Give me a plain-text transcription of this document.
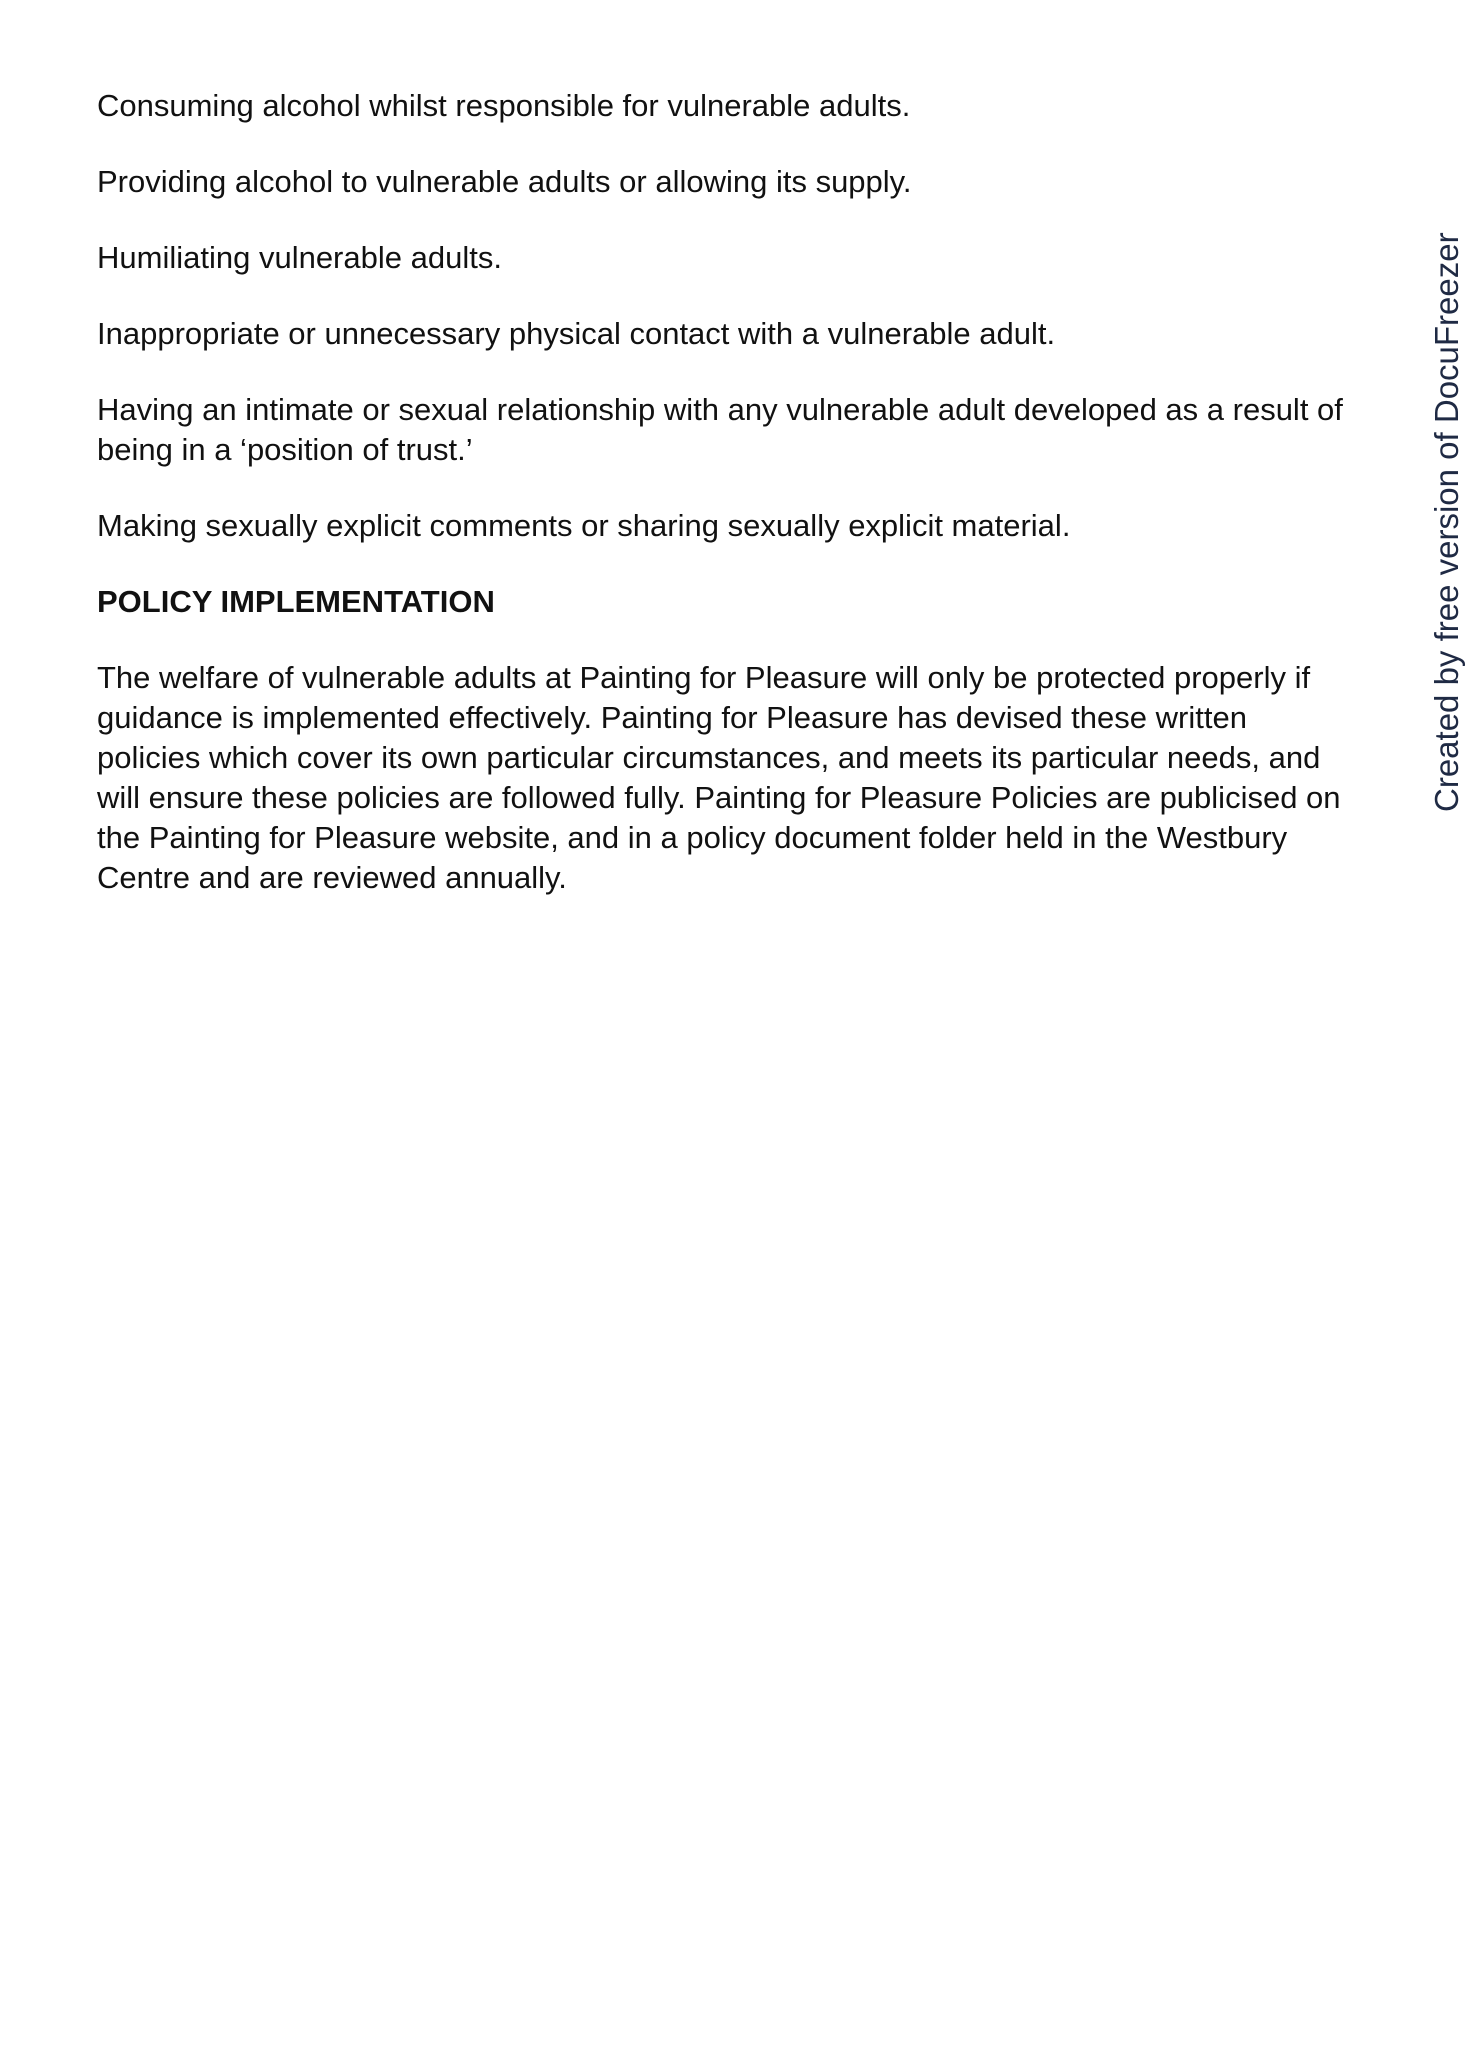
Consuming alcohol whilst responsible for vulnerable adults.

Providing alcohol to vulnerable adults or allowing its supply.

Humiliating vulnerable adults.

Inappropriate or unnecessary physical contact with a vulnerable adult.

Having an intimate or sexual relationship with any vulnerable adult developed as a result of being in a ‘position of trust.’

Making sexually explicit comments or sharing sexually explicit material.

POLICY IMPLEMENTATION

The welfare of vulnerable adults at Painting for Pleasure will only be protected properly if guidance is implemented effectively. Painting for Pleasure has devised these written policies which cover its own particular circumstances, and meets its particular needs, and will ensure these policies are followed fully. Painting for Pleasure Policies are publicised on the Painting for Pleasure website, and in a policy document folder held in the Westbury Centre and are reviewed annually.

Created by free version of DocuFreezer
